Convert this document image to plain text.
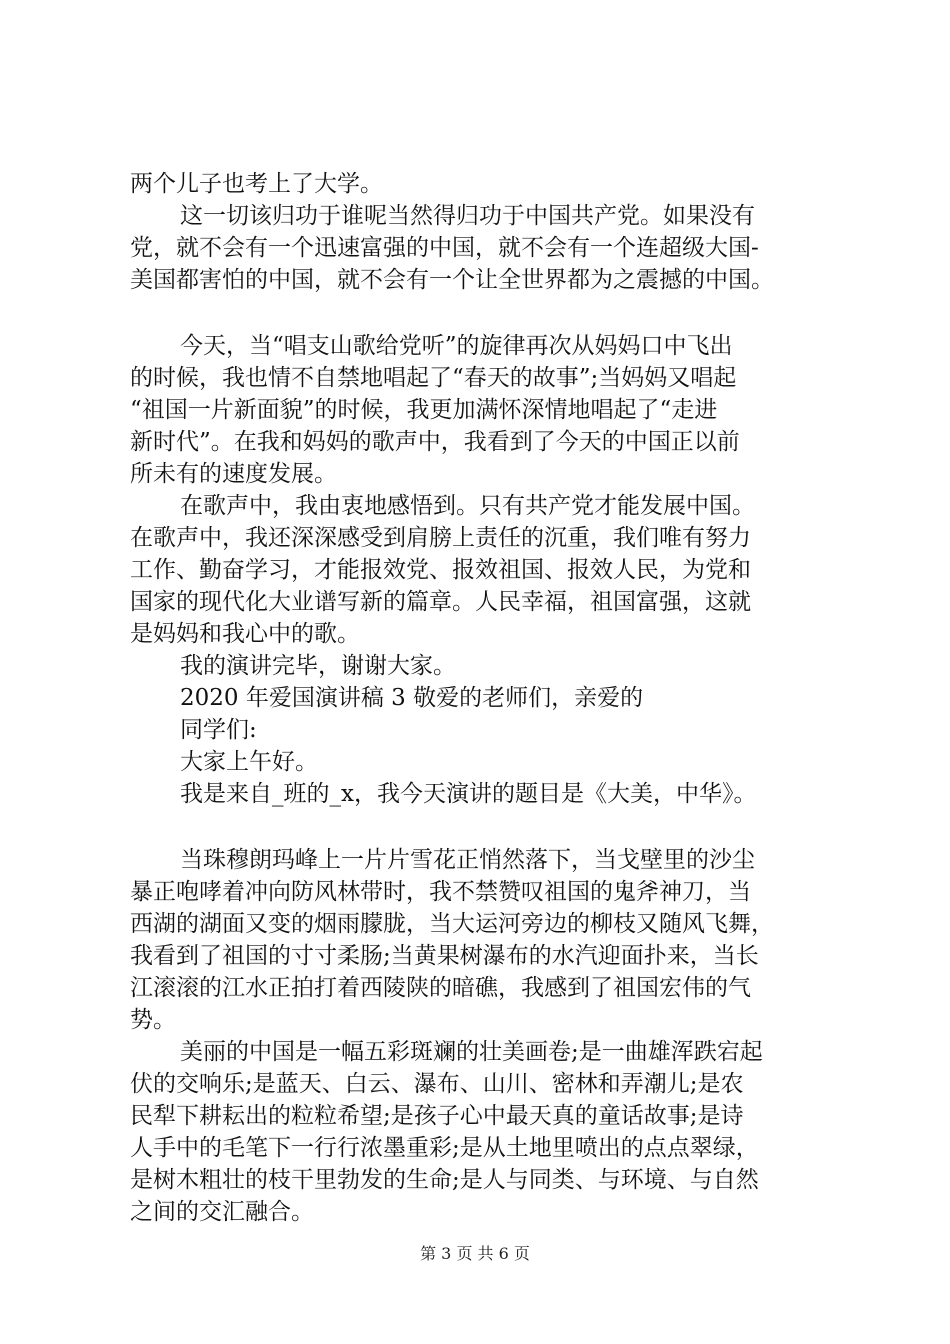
两个儿子也考上了大学。
这一切该归功于谁呢当然得归功于中国共产党。如果没有
党，就不会有一个迅速富强的中国，就不会有一个连超级大国-
美国都害怕的中国，就不会有一个让全世界都为之震撼的中国。
今天，当“唱支山歌给党听”的旋律再次从妈妈口中飞出
的时候，我也情不自禁地唱起了“春天的故事”;当妈妈又唱起
“祖国一片新面貌”的时候，我更加满怀深情地唱起了“走进
新时代”。在我和妈妈的歌声中，我看到了今天的中国正以前
所未有的速度发展。
在歌声中，我由衷地感悟到。只有共产党才能发展中国。
在歌声中，我还深深感受到肩膀上责任的沉重，我们唯有努力
工作、勤奋学习，才能报效党、报效祖国、报效人民，为党和
国家的现代化大业谱写新的篇章。人民幸福，祖国富强，这就
是妈妈和我心中的歌。
我的演讲完毕，谢谢大家。
2020 年爱国演讲稿 3 敬爱的老师们，亲爱的
同学们:
大家上午好。
我是来自_班的_x，我今天演讲的题目是《大美，中华》。
当珠穆朗玛峰上一片片雪花正悄然落下，当戈壁里的沙尘
暴正咆哮着冲向防风林带时，我不禁赞叹祖国的鬼斧神刀，当
西湖的湖面又变的烟雨朦胧，当大运河旁边的柳枝又随风飞舞，
我看到了祖国的寸寸柔肠;当黄果树瀑布的水汽迎面扑来，当长
江滚滚的江水正拍打着西陵陕的暗礁，我感到了祖国宏伟的气
势。
美丽的中国是一幅五彩斑斓的壮美画卷;是一曲雄浑跌宕起
伏的交响乐;是蓝天、白云、瀑布、山川、密林和弄潮儿;是农
民犁下耕耘出的粒粒希望;是孩子心中最天真的童话故事;是诗
人手中的毛笔下一行行浓墨重彩;是从土地里喷出的点点翠绿，
是树木粗壮的枝干里勃发的生命;是人与同类、与环境、与自然
之间的交汇融合。
第 3 页 共 6 页
